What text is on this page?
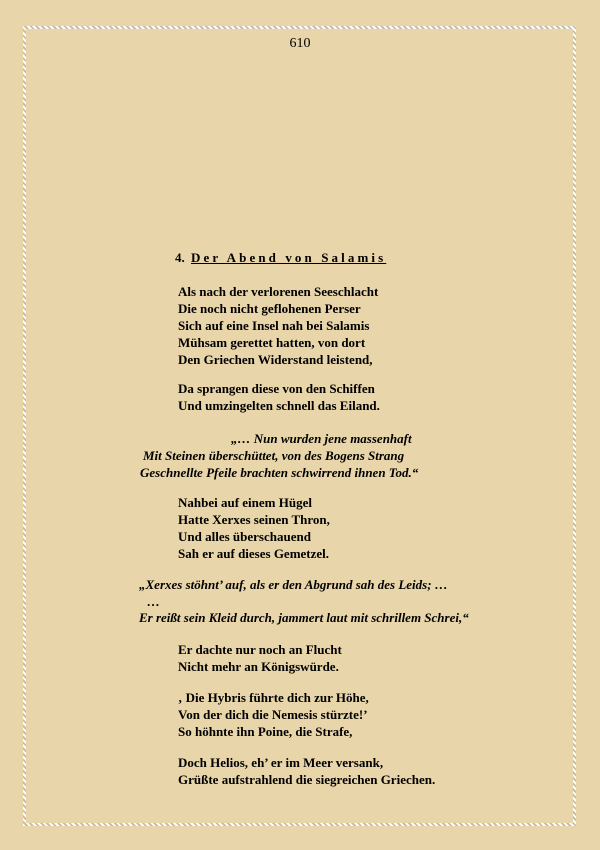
610
4. Der Abend von Salamis
Als nach der verlorenen Seeschlacht
Die noch nicht geflohenen Perser
Sich auf eine Insel nah bei Salamis
Mühsam gerettet hatten, von dort
Den Griechen Widerstand leistend,
Da sprangen diese von den Schiffen
Und umzingelten schnell das Eiland.
„… Nun wurden jene massenhaft
Mit Steinen überschüttet, von des Bogens Strang
Geschnellte Pfeile brachten schwirrend ihnen Tod.“
Nahbei auf einem Hügel
Hatte Xerxes seinen Thron,
Und alles überschauend
Sah er auf dieses Gemetzel.
„Xerxes stöhnt’ auf, als er den Abgrund sah des Leids; …
…
Er reißt sein Kleid durch, jammert laut mit schrillem Schrei,“
Er dachte nur noch an Flucht
Nicht mehr an Königswürde.
‚ Die Hybris führte dich zur Höhe,
Von der dich die Nemesis stürzte!’
So höhnte ihn Poine, die Strafe,
Doch Helios, eh’ er im Meer versank,
Grüßte aufstrahlend die siegreichen Griechen.
